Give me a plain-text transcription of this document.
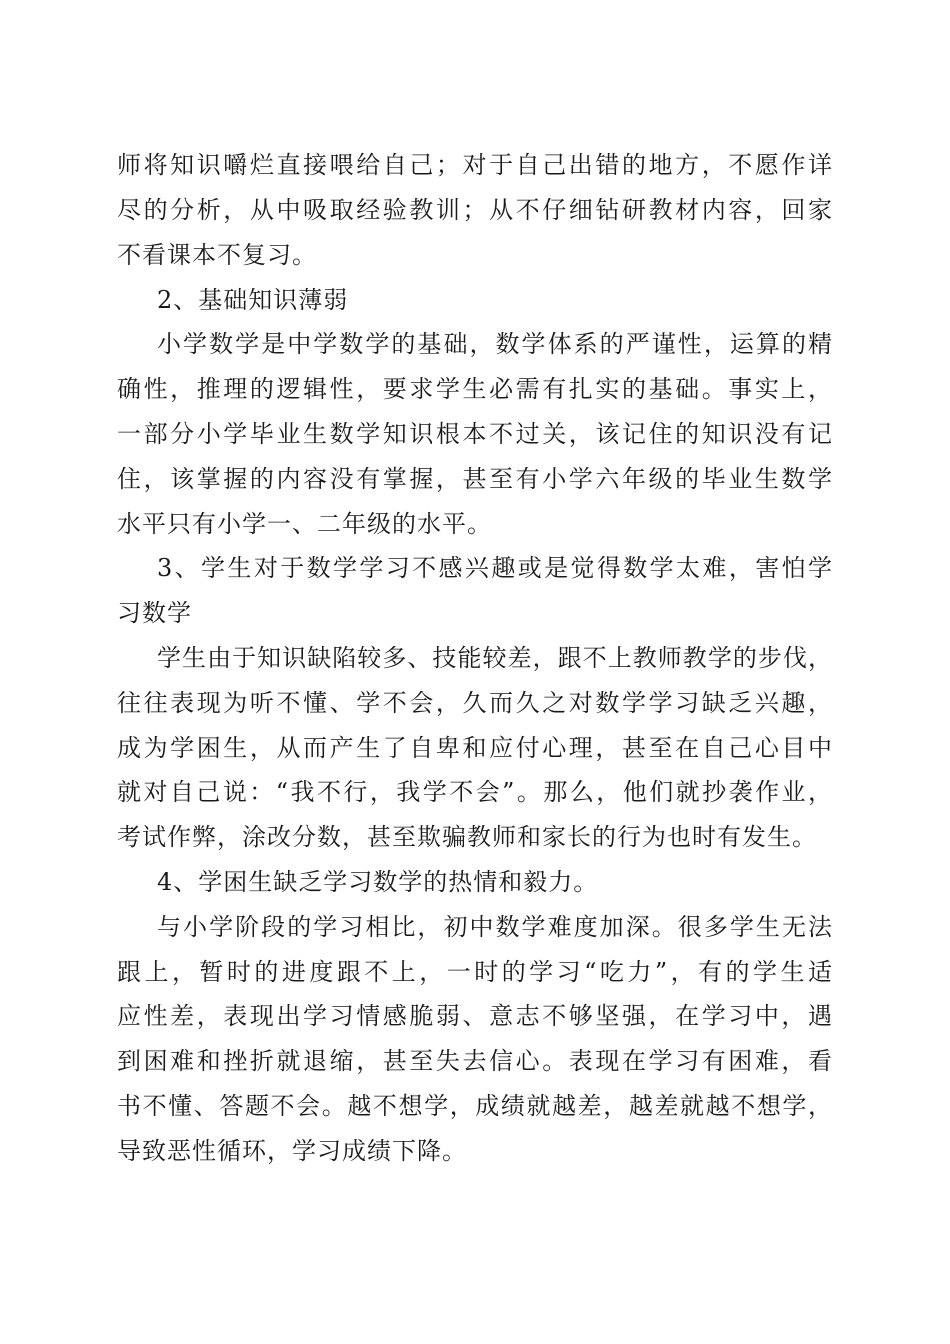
师将知识嚼烂直接喂给自己；对于自己出错的地方，不愿作详
尽的分析，从中吸取经验教训；从不仔细钻研教材内容，回家
不看课本不复习。
2、基础知识薄弱
小学数学是中学数学的基础，数学体系的严谨性，运算的精
确性，推理的逻辑性，要求学生必需有扎实的基础。事实上，
一部分小学毕业生数学知识根本不过关，该记住的知识没有记
住，该掌握的内容没有掌握，甚至有小学六年级的毕业生数学
水平只有小学一、二年级的水平。
3、学生对于数学学习不感兴趣或是觉得数学太难，害怕学
习数学
学生由于知识缺陷较多、技能较差，跟不上教师教学的步伐，
往往表现为听不懂、学不会，久而久之对数学学习缺乏兴趣，
成为学困生，从而产生了自卑和应付心理，甚至在自己心目中
就对自己说：“我不行，我学不会”。那么，他们就抄袭作业，
考试作弊，涂改分数，甚至欺骗教师和家长的行为也时有发生。
4、学困生缺乏学习数学的热情和毅力。
与小学阶段的学习相比，初中数学难度加深。很多学生无法
跟上，暂时的进度跟不上，一时的学习“吃力”，有的学生适
应性差，表现出学习情感脆弱、意志不够坚强，在学习中，遇
到困难和挫折就退缩，甚至失去信心。表现在学习有困难，看
书不懂、答题不会。越不想学，成绩就越差，越差就越不想学，
导致恶性循环，学习成绩下降。
